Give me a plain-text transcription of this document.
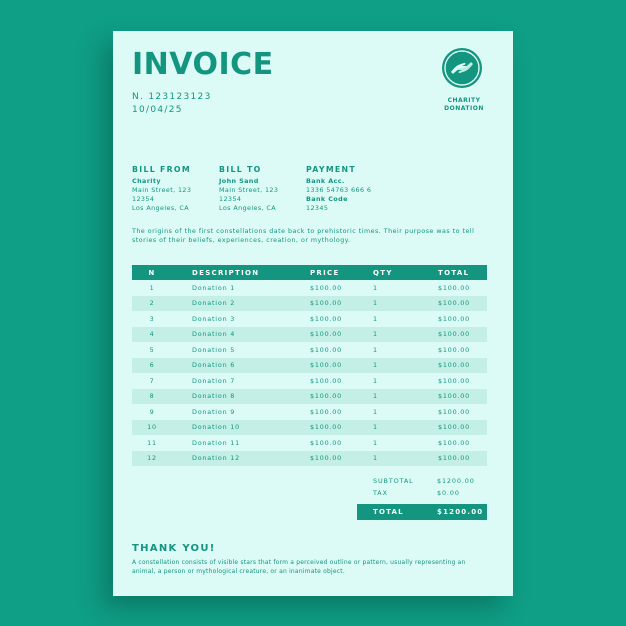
INVOICE
N. 123123123
10/04/25
CHARITY
DONATION
BILL FROM
Charity
Main Street, 123
12354
Los Angeles, CA
BILL TO
John Sand
Main Street, 123
12354
Los Angeles, CA
PAYMENT
Bank Acc.
1336 54763 666 6
Bank Code
12345
The origins of the first constellations date back to prehistoric times. Their purpose was to tell stories of their beliefs, experiences, creation, or mythology.
N	DESCRIPTION	PRICE	QTY	TOTAL
1	Donation 1	$100.00	1	$100.00
2	Donation 2	$100.00	1	$100.00
3	Donation 3	$100.00	1	$100.00
4	Donation 4	$100.00	1	$100.00
5	Donation 5	$100.00	1	$100.00
6	Donation 6	$100.00	1	$100.00
7	Donation 7	$100.00	1	$100.00
8	Donation 8	$100.00	1	$100.00
9	Donation 9	$100.00	1	$100.00
10	Donation 10	$100.00	1	$100.00
11	Donation 11	$100.00	1	$100.00
12	Donation 12	$100.00	1	$100.00
SUBTOTAL	$1200.00
TAX	$0.00
TOTAL	$1200.00
THANK YOU!
A constellation consists of visible stars that form a perceived outline or pattern, usually representing an animal, a person or mythological creature, or an inanimate object.
